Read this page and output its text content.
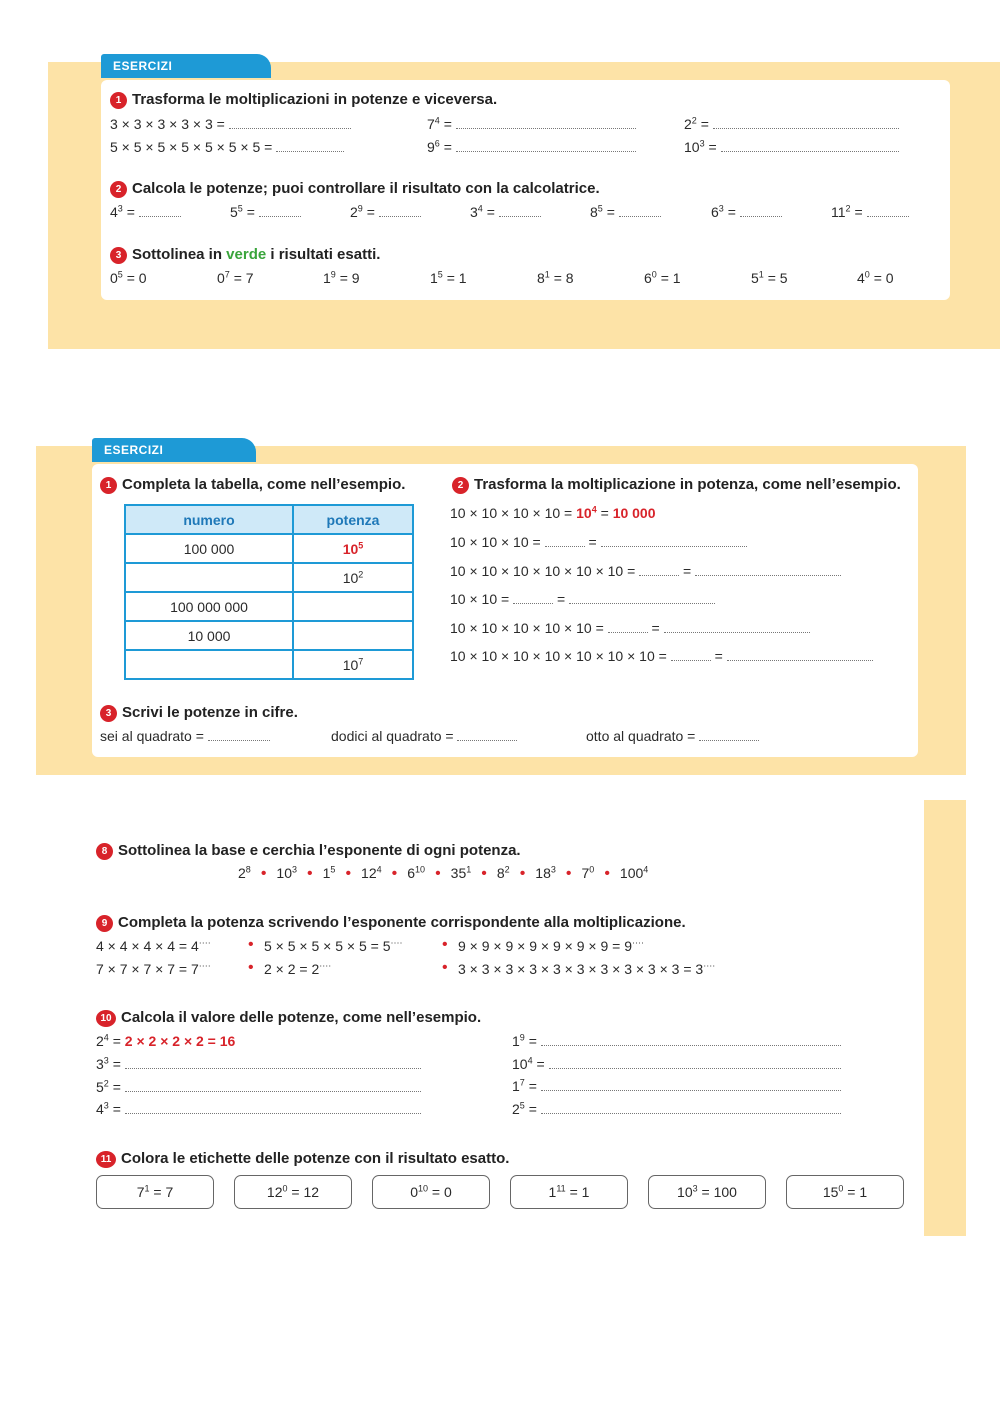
ESERCIZI
1 Trasforma le moltiplicazioni in potenze e viceversa.
3 × 3 × 3 × 3 × 3 =	$7^4$ =	$2^2$ =
5 × 5 × 5 × 5 × 5 × 5 × 5 =	$9^6$ =	$10^3$ =
2 Calcola le potenze; puoi controllare il risultato con la calcolatrice.
$4^3$ =	$5^5$ =	$2^9$ =	$3^4$ =	$8^5$ =	$6^3$ =	$11^2$ =
3 Sottolinea in verde i risultati esatti.
$0^5 = 0$	$0^7 = 7$	$1^9 = 9$	$1^5 = 1$	$8^1 = 8$	$6^0 = 1$	$5^1 = 5$	$4^0 = 0$
ESERCIZI
1 Completa la tabella, come nell’esempio.
numero	potenza
100 000	$10^5$
	$10^2$
100 000 000	
10 000	
	$10^7$
2 Trasforma la moltiplicazione in potenza, come nell’esempio.
$10 \times 10 \times 10 \times 10 = 10^4 = 10$ 000
10 × 10 × 10 =	=
10 × 10 × 10 × 10 × 10 × 10 =	=
10 × 10 =	=
10 × 10 × 10 × 10 × 10 =	=
10 × 10 × 10 × 10 × 10 × 10 × 10 =	=
3 Scrivi le potenze in cifre.
sei al quadrato =	dodici al quadrato =	otto al quadrato =
8 Sottolinea la base e cerchia l’esponente di ogni potenza.
$2^8$ • $10^3$ • $1^5$ • $12^4$ • $6^{10}$ • $35^1$ • $8^2$ • $18^3$ • $7^0$ • $100^4$
9 Completa la potenza scrivendo l’esponente corrispondente alla moltiplicazione.
4 × 4 × 4 × 4 = 4····	• 5 × 5 × 5 × 5 × 5 = 5····	• 9 × 9 × 9 × 9 × 9 × 9 × 9 = 9····
7 × 7 × 7 × 7 = 7····	• 2 × 2 = 2····	• 3 × 3 × 3 × 3 × 3 × 3 × 3 × 3 × 3 × 3 = 3····
10 Calcola il valore delle potenze, come nell’esempio.
$2^4 = 2 \times 2 \times 2 \times 2 = 16$
$3^3$ =
$5^2$ =
$4^3$ =
$1^9$ =
$10^4$ =
$1^7$ =
$2^5$ =
11 Colora le etichette delle potenze con il risultato esatto.
$7^1 = 7$	$12^0 = 12$	$0^{10} = 0$	$1^{11} = 1$	$10^3 = 100$	$15^0 = 1$
